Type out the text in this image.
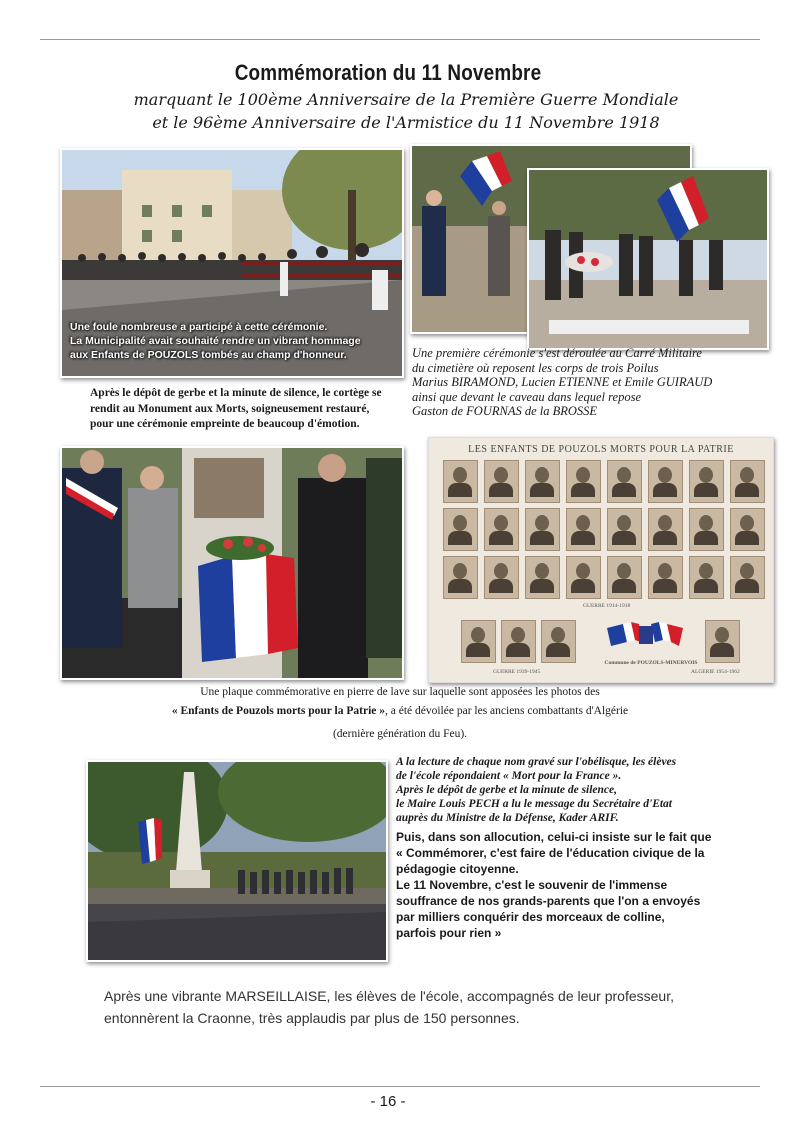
Commémoration du 11 Novembre
marquant le 100ème Anniversaire de la Première Guerre Mondiale
et le 96ème Anniversaire de l'Armistice du 11 Novembre 1918
Une foule nombreuse a participé à cette cérémonie.
La Municipalité avait souhaité rendre un vibrant hommage
aux Enfants de POUZOLS tombés au champ d'honneur.
Après le dépôt de gerbe et la minute de silence, le cortège se
rendit au Monument aux Morts, soigneusement restauré,
pour une cérémonie empreinte de beaucoup d'émotion.
Une première cérémonie s'est déroulée au Carré Militaire
du cimetière où reposent les corps de trois Poilus
Marius BIRAMOND, Lucien ETIENNE et Emile GUIRAUD
ainsi que devant le caveau dans lequel repose
Gaston de FOURNAS de la BROSSE
LES ENFANTS DE POUZOLS MORTS POUR LA PATRIE
GUERRE 1914-1918
GUERRE 1939-1945
Commune de POUZOLS-MINERVOIS
ALGERIE 1954-1962
Une plaque commémorative en pierre de lave sur laquelle sont apposées les photos des
« Enfants de Pouzols morts pour la Patrie », a été dévoilée par les anciens combattants d'Algérie
(dernière génération du Feu).
A la lecture de chaque nom gravé sur l'obélisque, les élèves
de l'école répondaient « Mort pour la France ».
Après le dépôt de gerbe et la minute de silence,
le Maire Louis PECH a lu le message du Secrétaire d'Etat
auprès du Ministre de la Défense, Kader ARIF.
Puis, dans son allocution, celui-ci insiste sur le fait que
« Commémorer, c'est faire de l'éducation civique de la
pédagogie citoyenne.
Le 11 Novembre, c'est le souvenir de l'immense
souffrance de nos grands-parents que l'on a envoyés
par milliers conquérir des morceaux de colline,
parfois pour rien »
Après une vibrante MARSEILLAISE, les élèves de l'école, accompagnés de leur professeur,
entonnèrent la Craonne, très applaudis par plus de 150 personnes.
- 16 -
